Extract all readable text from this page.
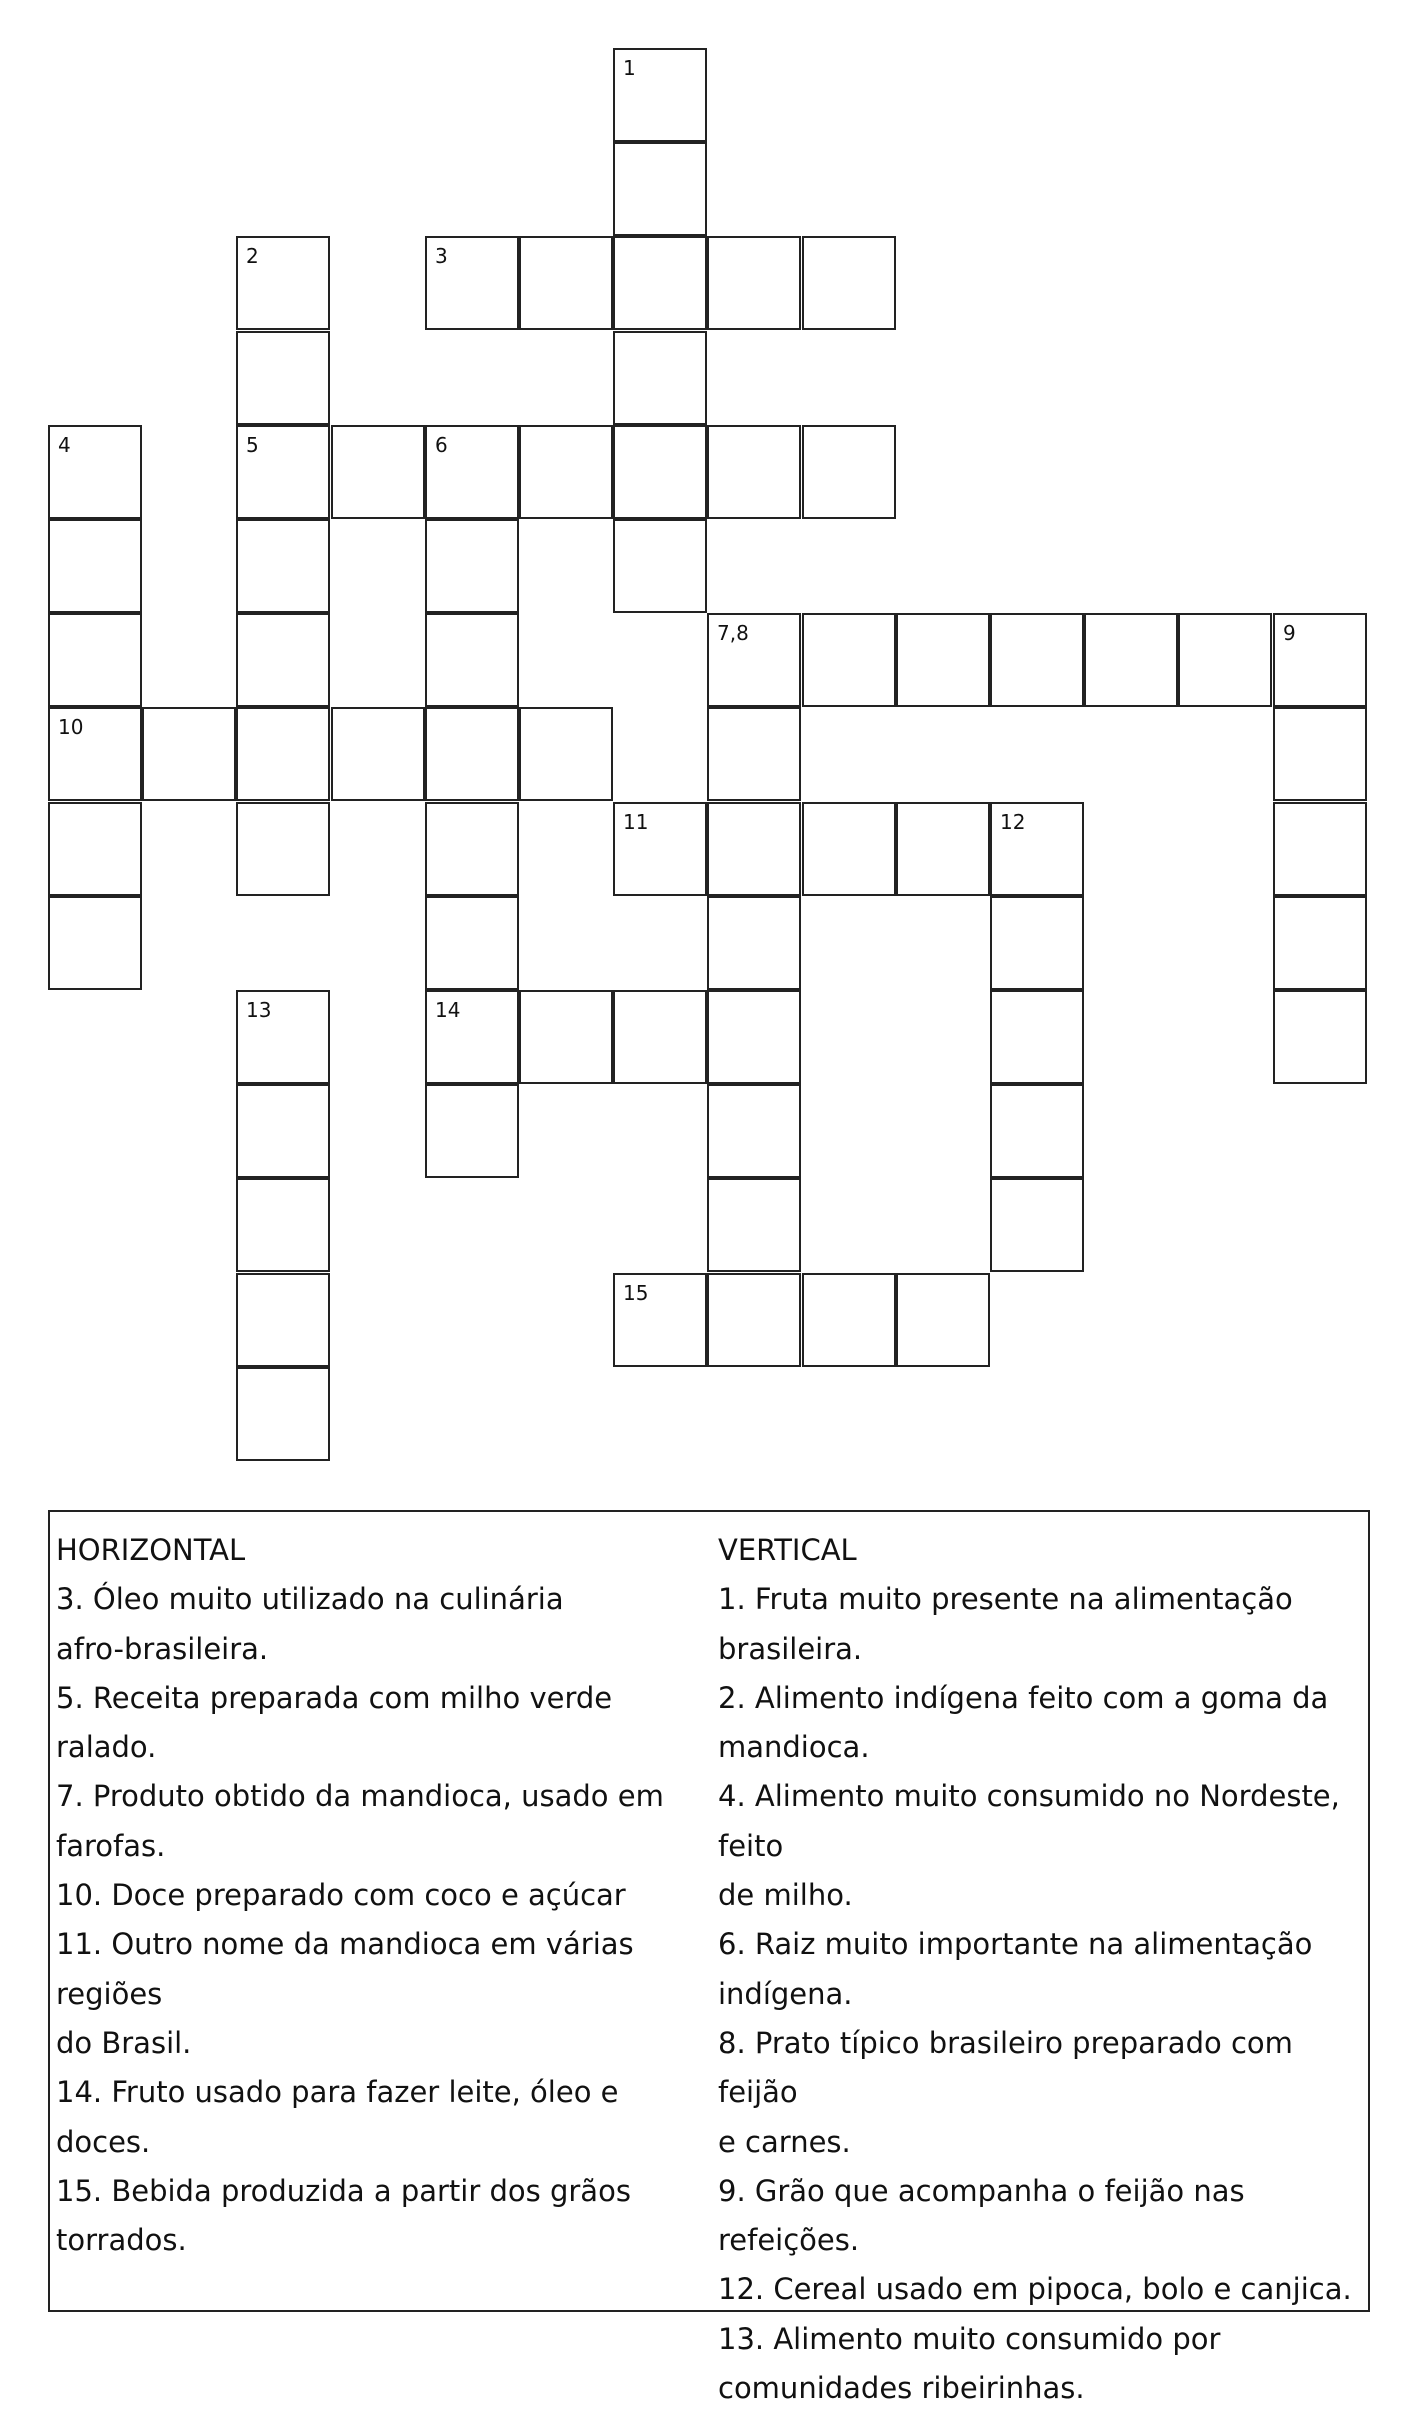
1
2	3
4	5	6
7,8	9
10
11	12
13	14
15
HORIZONTAL
3. Óleo muito utilizado na culinária
afro-brasileira.
5. Receita preparada com milho verde ralado.
7. Produto obtido da mandioca, usado em
farofas.
10. Doce preparado com coco e açúcar
11. Outro nome da mandioca em várias regiões
do Brasil.
14. Fruto usado para fazer leite, óleo e doces.
15. Bebida produzida a partir dos grãos
torrados.
VERTICAL
1. Fruta muito presente na alimentação
brasileira.
2. Alimento indígena feito com a goma da
mandioca.
4. Alimento muito consumido no Nordeste, feito
de milho.
6. Raiz muito importante na alimentação
indígena.
8. Prato típico brasileiro preparado com feijão
e carnes.
9. Grão que acompanha o feijão nas refeições.
12. Cereal usado em pipoca, bolo e canjica.
13. Alimento muito consumido por
comunidades ribeirinhas.
